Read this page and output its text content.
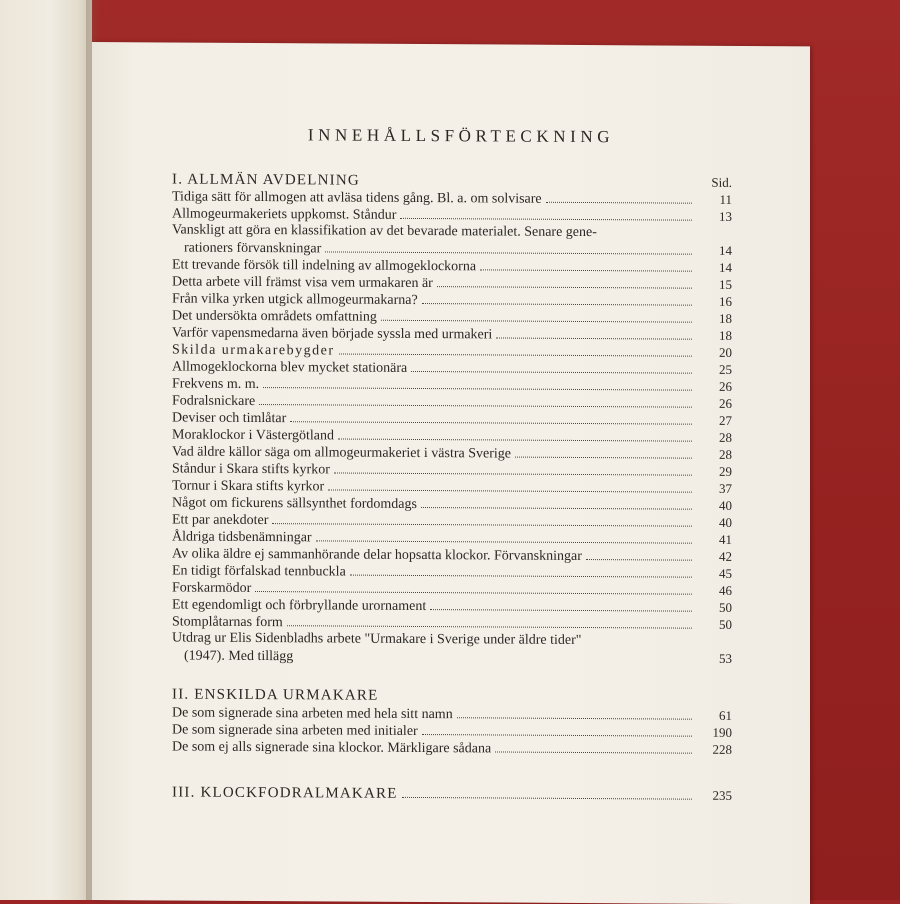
INNEHÅLLSFÖRTECKNING
I. ALLMÄN AVDELNING	Sid.
Tidiga sätt för allmogen att avläsa tidens gång. Bl. a. om solvisare	11
Allmogeurmakeriets uppkomst. Ståndur	13
Vanskligt att göra en klassifikation av det bevarade materialet. Senare gene-
rationers förvanskningar	14
Ett trevande försök till indelning av allmogeklockorna	14
Detta arbete vill främst visa vem urmakaren är	15
Från vilka yrken utgick allmogeurmakarna?	16
Det undersökta områdets omfattning	18
Varför vapensmedarna även började syssla med urmakeri	18
Skilda urmakarebygder	20
Allmogeklockorna blev mycket stationära	25
Frekvens m. m.	26
Fodralsnickare	26
Deviser och timlåtar	27
Moraklockor i Västergötland	28
Vad äldre källor säga om allmogeurmakeriet i västra Sverige	28
Ståndur i Skara stifts kyrkor	29
Tornur i Skara stifts kyrkor	37
Något om fickurens sällsynthet fordomdags	40
Ett par anekdoter	40
Åldriga tidsbenämningar	41
Av olika äldre ej sammanhörande delar hopsatta klockor. Förvanskningar	42
En tidigt förfalskad tennbuckla	45
Forskarmödor	46
Ett egendomligt och förbryllande urornament	50
Stomplåtarnas form	50
Utdrag ur Elis Sidenbladhs arbete "Urmakare i Sverige under äldre tider"
(1947). Med tillägg	53
II. ENSKILDA URMAKARE
De som signerade sina arbeten med hela sitt namn	61
De som signerade sina arbeten med initialer	190
De som ej alls signerade sina klockor. Märkligare sådana	228
III. KLOCKFODRALMAKARE	235
